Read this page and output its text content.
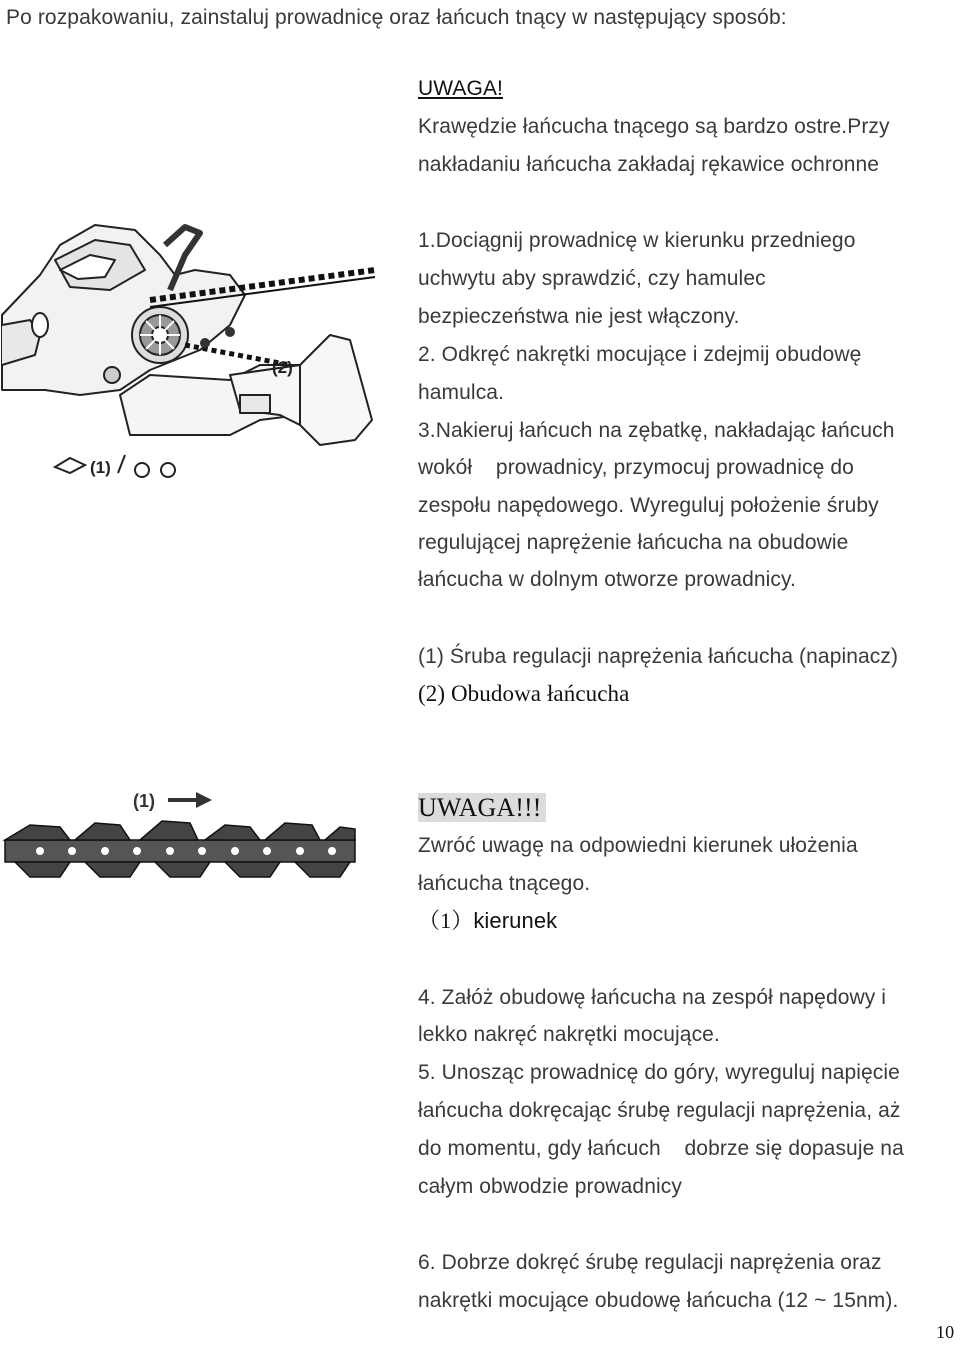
Po rozpakowaniu, zainstaluj prowadnicę oraz łańcuch tnący w następujący sposób:
UWAGA!
Krawędzie łańcucha tnącego są bardzo ostre.Przy
nakładaniu łańcucha zakładaj rękawice ochronne
(1)
(2)
1.Dociągnij prowadnicę w kierunku przedniego
uchwytu aby sprawdzić, czy hamulec
bezpieczeństwa nie jest włączony.
2. Odkręć nakrętki mocujące i zdejmij obudowę
hamulca.
3.Nakieruj łańcuch na zębatkę, nakładając łańcuch
wokół    prowadnicy, przymocuj prowadnicę do
zespołu napędowego. Wyreguluj położenie śruby
regulującej naprężenie łańcucha na obudowie
łańcucha w dolnym otworze prowadnicy.
(1) Śruba regulacji naprężenia łańcucha (napinacz)
(2) Obudowa łańcucha
(1)	UWAGA!!!
Zwróć uwagę na odpowiedni kierunek ułożenia
łańcucha tnącego.
（1）kierunek
4. Załóż obudowę łańcucha na zespół napędowy i
lekko nakręć nakrętki mocujące.
5. Unosząc prowadnicę do góry, wyreguluj napięcie
łańcucha dokręcając śrubę regulacji naprężenia, aż
do momentu, gdy łańcuch    dobrze się dopasuje na
całym obwodzie prowadnicy
6. Dobrze dokręć śrubę regulacji naprężenia oraz
nakrętki mocujące obudowę łańcucha (12 ~ 15nm).
10
